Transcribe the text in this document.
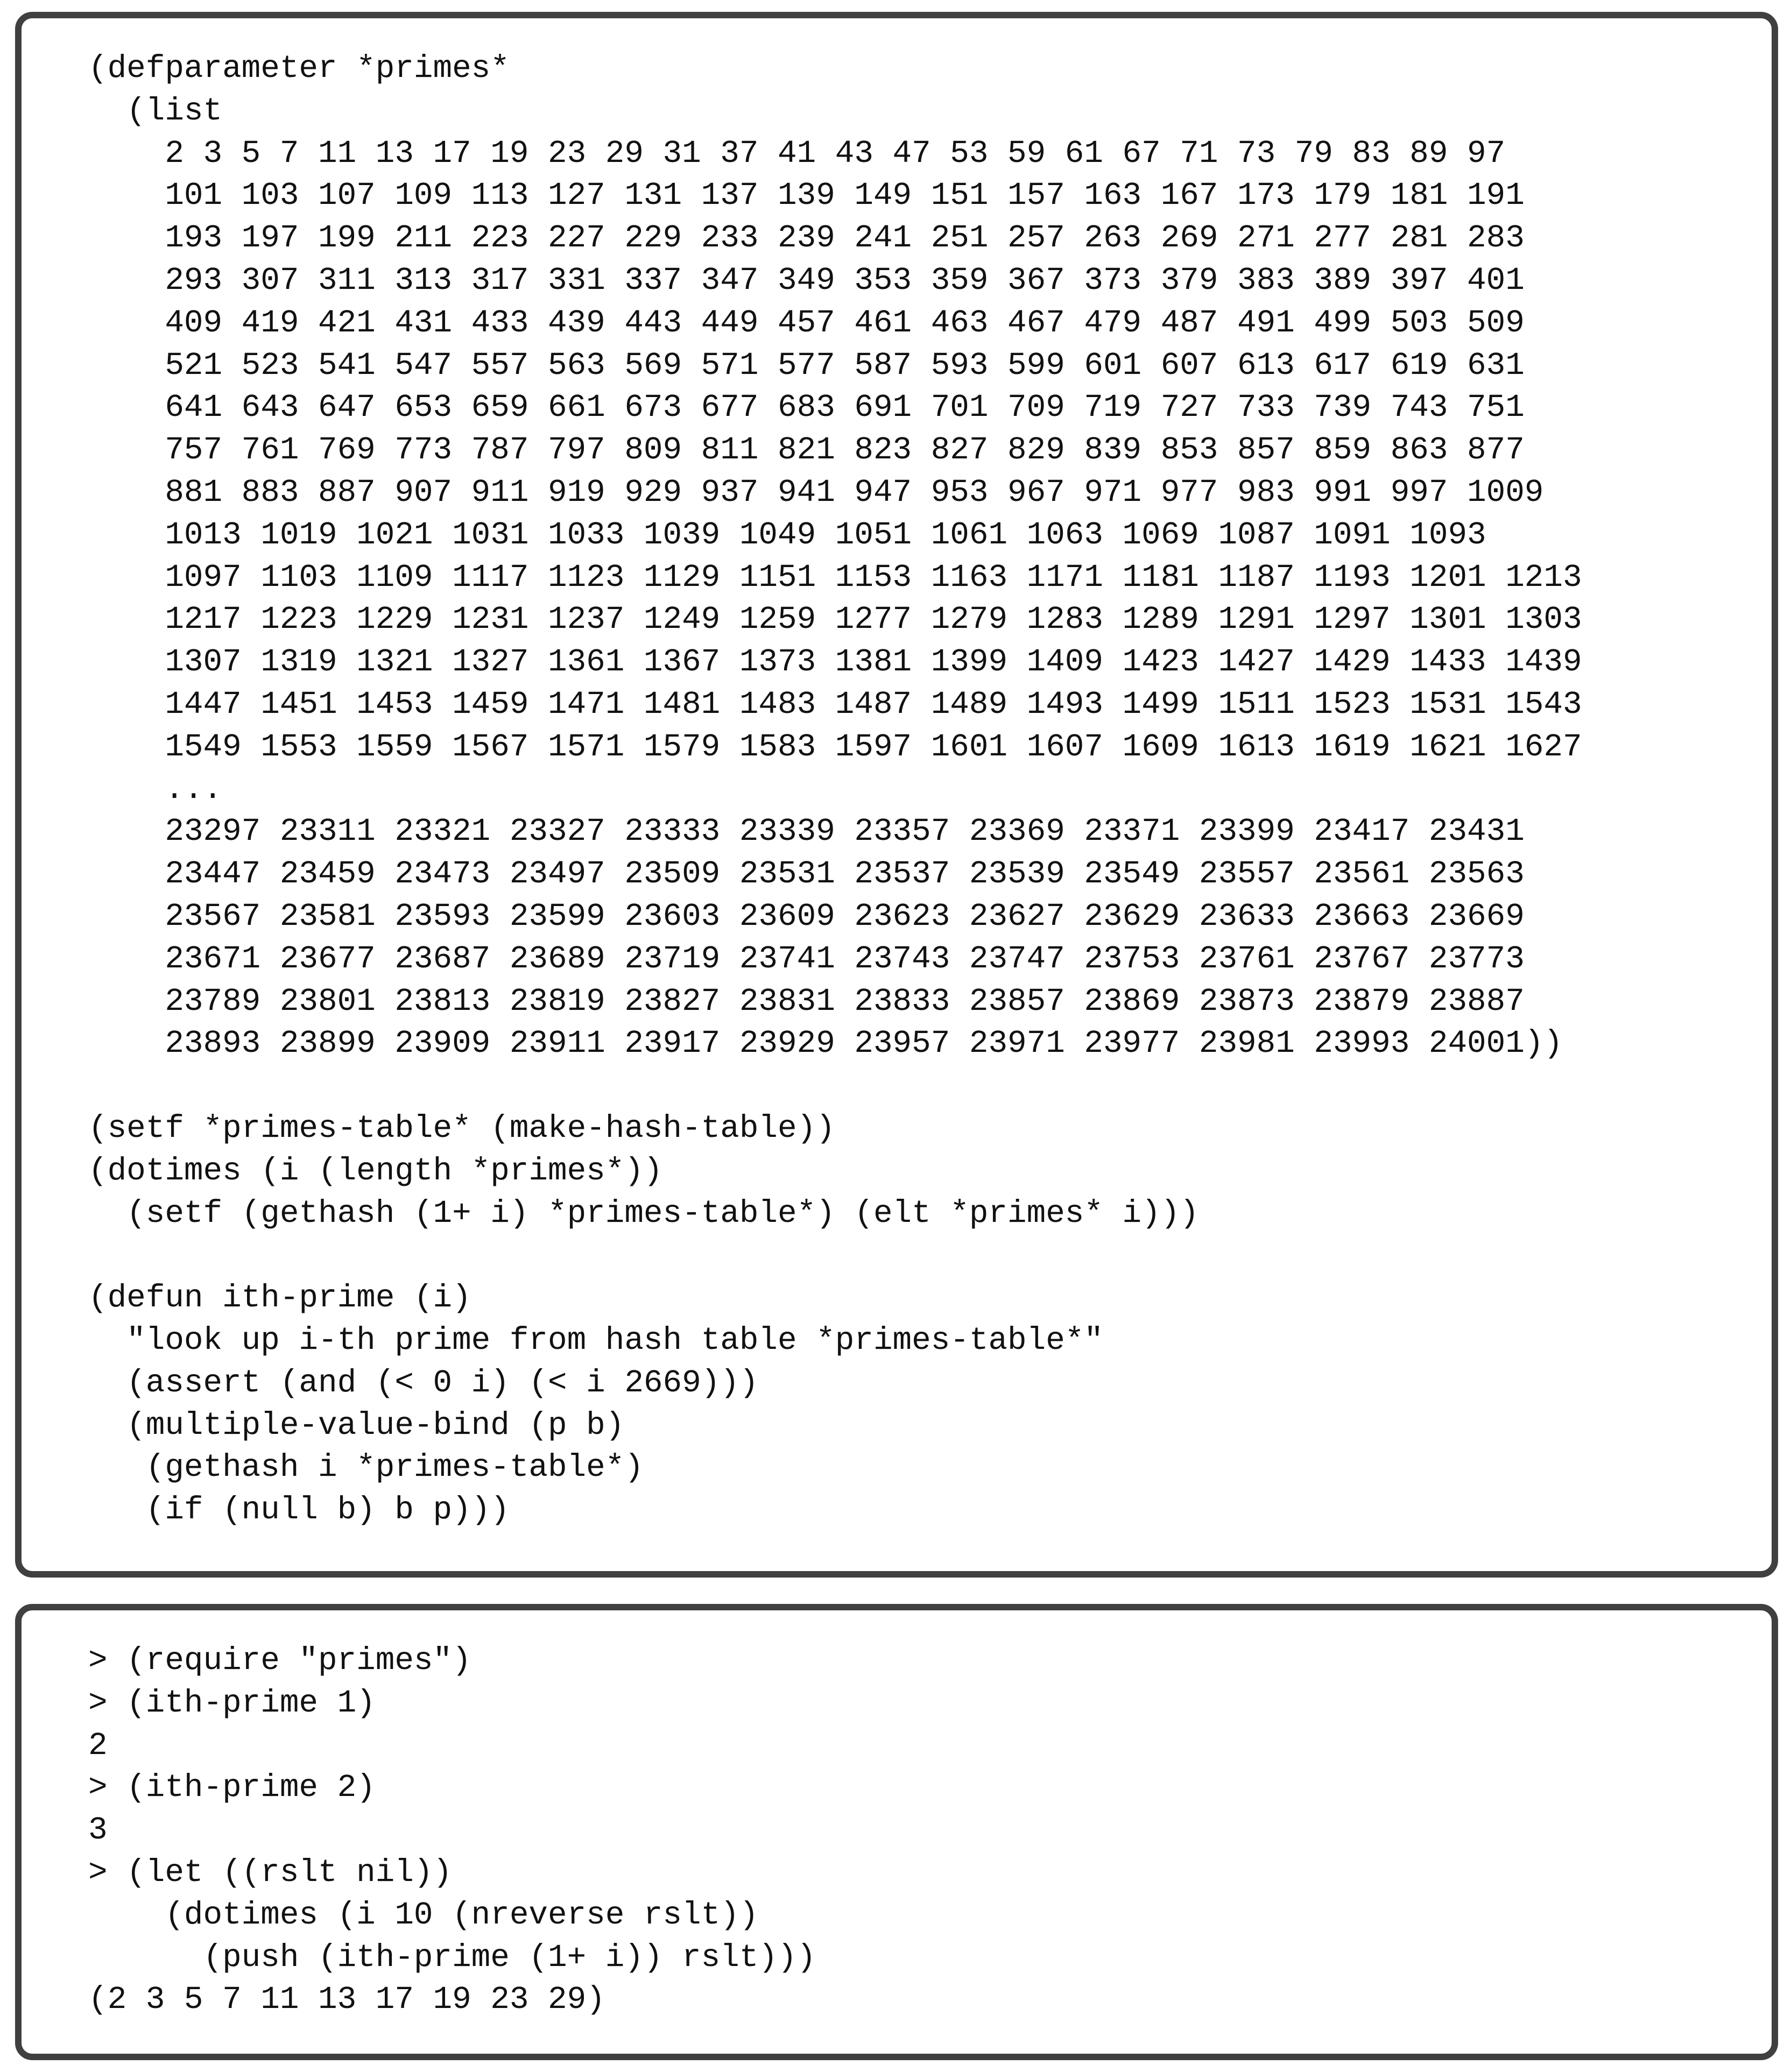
(defparameter *primes*
(list
2 3 5 7 11 13 17 19 23 29 31 37 41 43 47 53 59 61 67 71 73 79 83 89 97
101 103 107 109 113 127 131 137 139 149 151 157 163 167 173 179 181 191
193 197 199 211 223 227 229 233 239 241 251 257 263 269 271 277 281 283
293 307 311 313 317 331 337 347 349 353 359 367 373 379 383 389 397 401
409 419 421 431 433 439 443 449 457 461 463 467 479 487 491 499 503 509
521 523 541 547 557 563 569 571 577 587 593 599 601 607 613 617 619 631
641 643 647 653 659 661 673 677 683 691 701 709 719 727 733 739 743 751
757 761 769 773 787 797 809 811 821 823 827 829 839 853 857 859 863 877
881 883 887 907 911 919 929 937 941 947 953 967 971 977 983 991 997 1009
1013 1019 1021 1031 1033 1039 1049 1051 1061 1063 1069 1087 1091 1093
1097 1103 1109 1117 1123 1129 1151 1153 1163 1171 1181 1187 1193 1201 1213
1217 1223 1229 1231 1237 1249 1259 1277 1279 1283 1289 1291 1297 1301 1303
1307 1319 1321 1327 1361 1367 1373 1381 1399 1409 1423 1427 1429 1433 1439
1447 1451 1453 1459 1471 1481 1483 1487 1489 1493 1499 1511 1523 1531 1543
1549 1553 1559 1567 1571 1579 1583 1597 1601 1607 1609 1613 1619 1621 1627
...
23297 23311 23321 23327 23333 23339 23357 23369 23371 23399 23417 23431
23447 23459 23473 23497 23509 23531 23537 23539 23549 23557 23561 23563
23567 23581 23593 23599 23603 23609 23623 23627 23629 23633 23663 23669
23671 23677 23687 23689 23719 23741 23743 23747 23753 23761 23767 23773
23789 23801 23813 23819 23827 23831 23833 23857 23869 23873 23879 23887
23893 23899 23909 23911 23917 23929 23957 23971 23977 23981 23993 24001))
(setf *primes-table* (make-hash-table))
(dotimes (i (length *primes*))
(setf (gethash (1+ i) *primes-table*) (elt *primes* i)))
(defun ith-prime (i)
"look up i-th prime from hash table *primes-table*"
(assert (and (< 0 i) (< i 2669)))
(multiple-value-bind (p b)
(gethash i *primes-table*)
(if (null b) b p)))
> (require "primes")
> (ith-prime 1)
2
> (ith-prime 2)
3
> (let ((rslt nil))
(dotimes (i 10 (nreverse rslt))
(push (ith-prime (1+ i)) rslt)))
(2 3 5 7 11 13 17 19 23 29)
